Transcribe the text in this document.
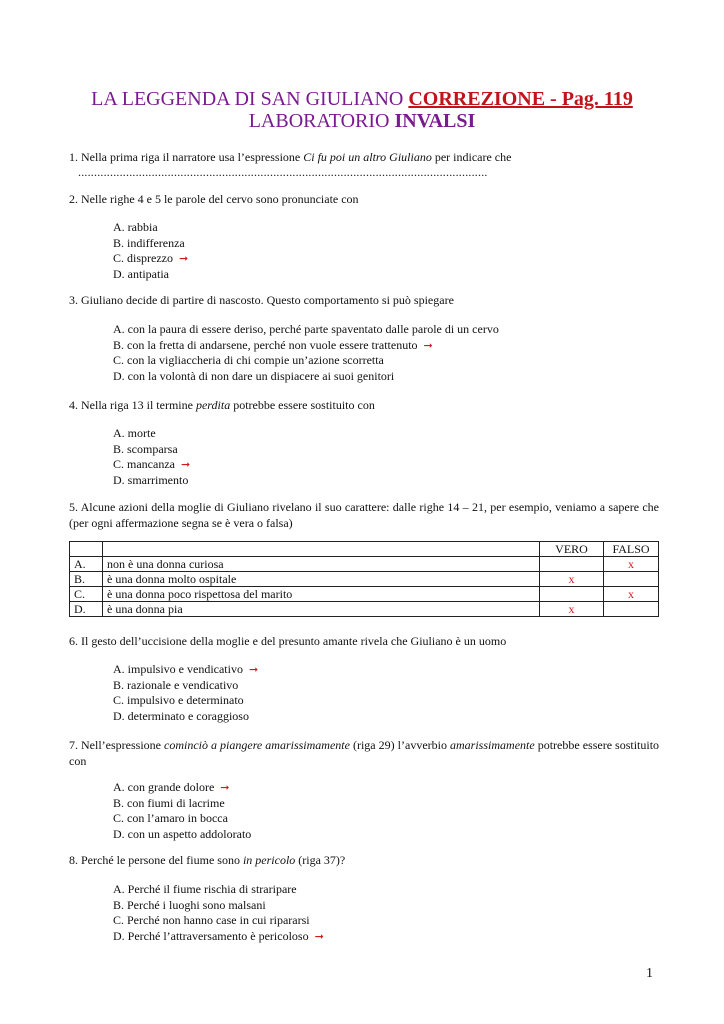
LA LEGGENDA DI SAN GIULIANO CORREZIONE - Pag. 119
LABORATORIO INVALSI
1. Nella prima riga il narratore usa l’espressione Ci fu poi un altro Giuliano per indicare che
................................................................................................................................
2. Nelle righe 4 e 5 le parole del cervo sono pronunciate con
A. rabbia
B. indifferenza
C. disprezzo ➞
D. antipatia
3. Giuliano decide di partire di nascosto. Questo comportamento si può spiegare
A. con la paura di essere deriso, perché parte spaventato dalle parole di un cervo
B. con la fretta di andarsene, perché non vuole essere trattenuto ➞
C. con la vigliaccheria di chi compie un’azione scorretta
D. con la volontà di non dare un dispiacere ai suoi genitori
4. Nella riga 13 il termine perdita potrebbe essere sostituito con
A. morte
B. scomparsa
C. mancanza ➞
D. smarrimento
5. Alcune azioni della moglie di Giuliano rivelano il suo carattere: dalle righe 14 – 21, per esempio, veniamo a sapere che (per ogni affermazione segna se è vera o falsa)
		VERO	FALSO
A.	non è una donna curiosa		x
B.	è una donna molto ospitale	x	
C.	è una donna poco rispettosa del marito		x
D.	è una donna pia	x	
6. Il gesto dell’uccisione della moglie e del presunto amante rivela che Giuliano è un uomo
A. impulsivo e vendicativo ➞
B. razionale e vendicativo
C. impulsivo e determinato
D. determinato e coraggioso
7. Nell’espressione cominciò a piangere amarissimamente (riga 29) l’avverbio amarissimamente potrebbe essere sostituito con
A. con grande dolore ➞
B. con fiumi di lacrime
C. con l’amaro in bocca
D. con un aspetto addolorato
8. Perché le persone del fiume sono in pericolo (riga 37)?
A. Perché il fiume rischia di straripare
B. Perché i luoghi sono malsani
C. Perché non hanno case in cui ripararsi
D. Perché l’attraversamento è pericoloso ➞
1
